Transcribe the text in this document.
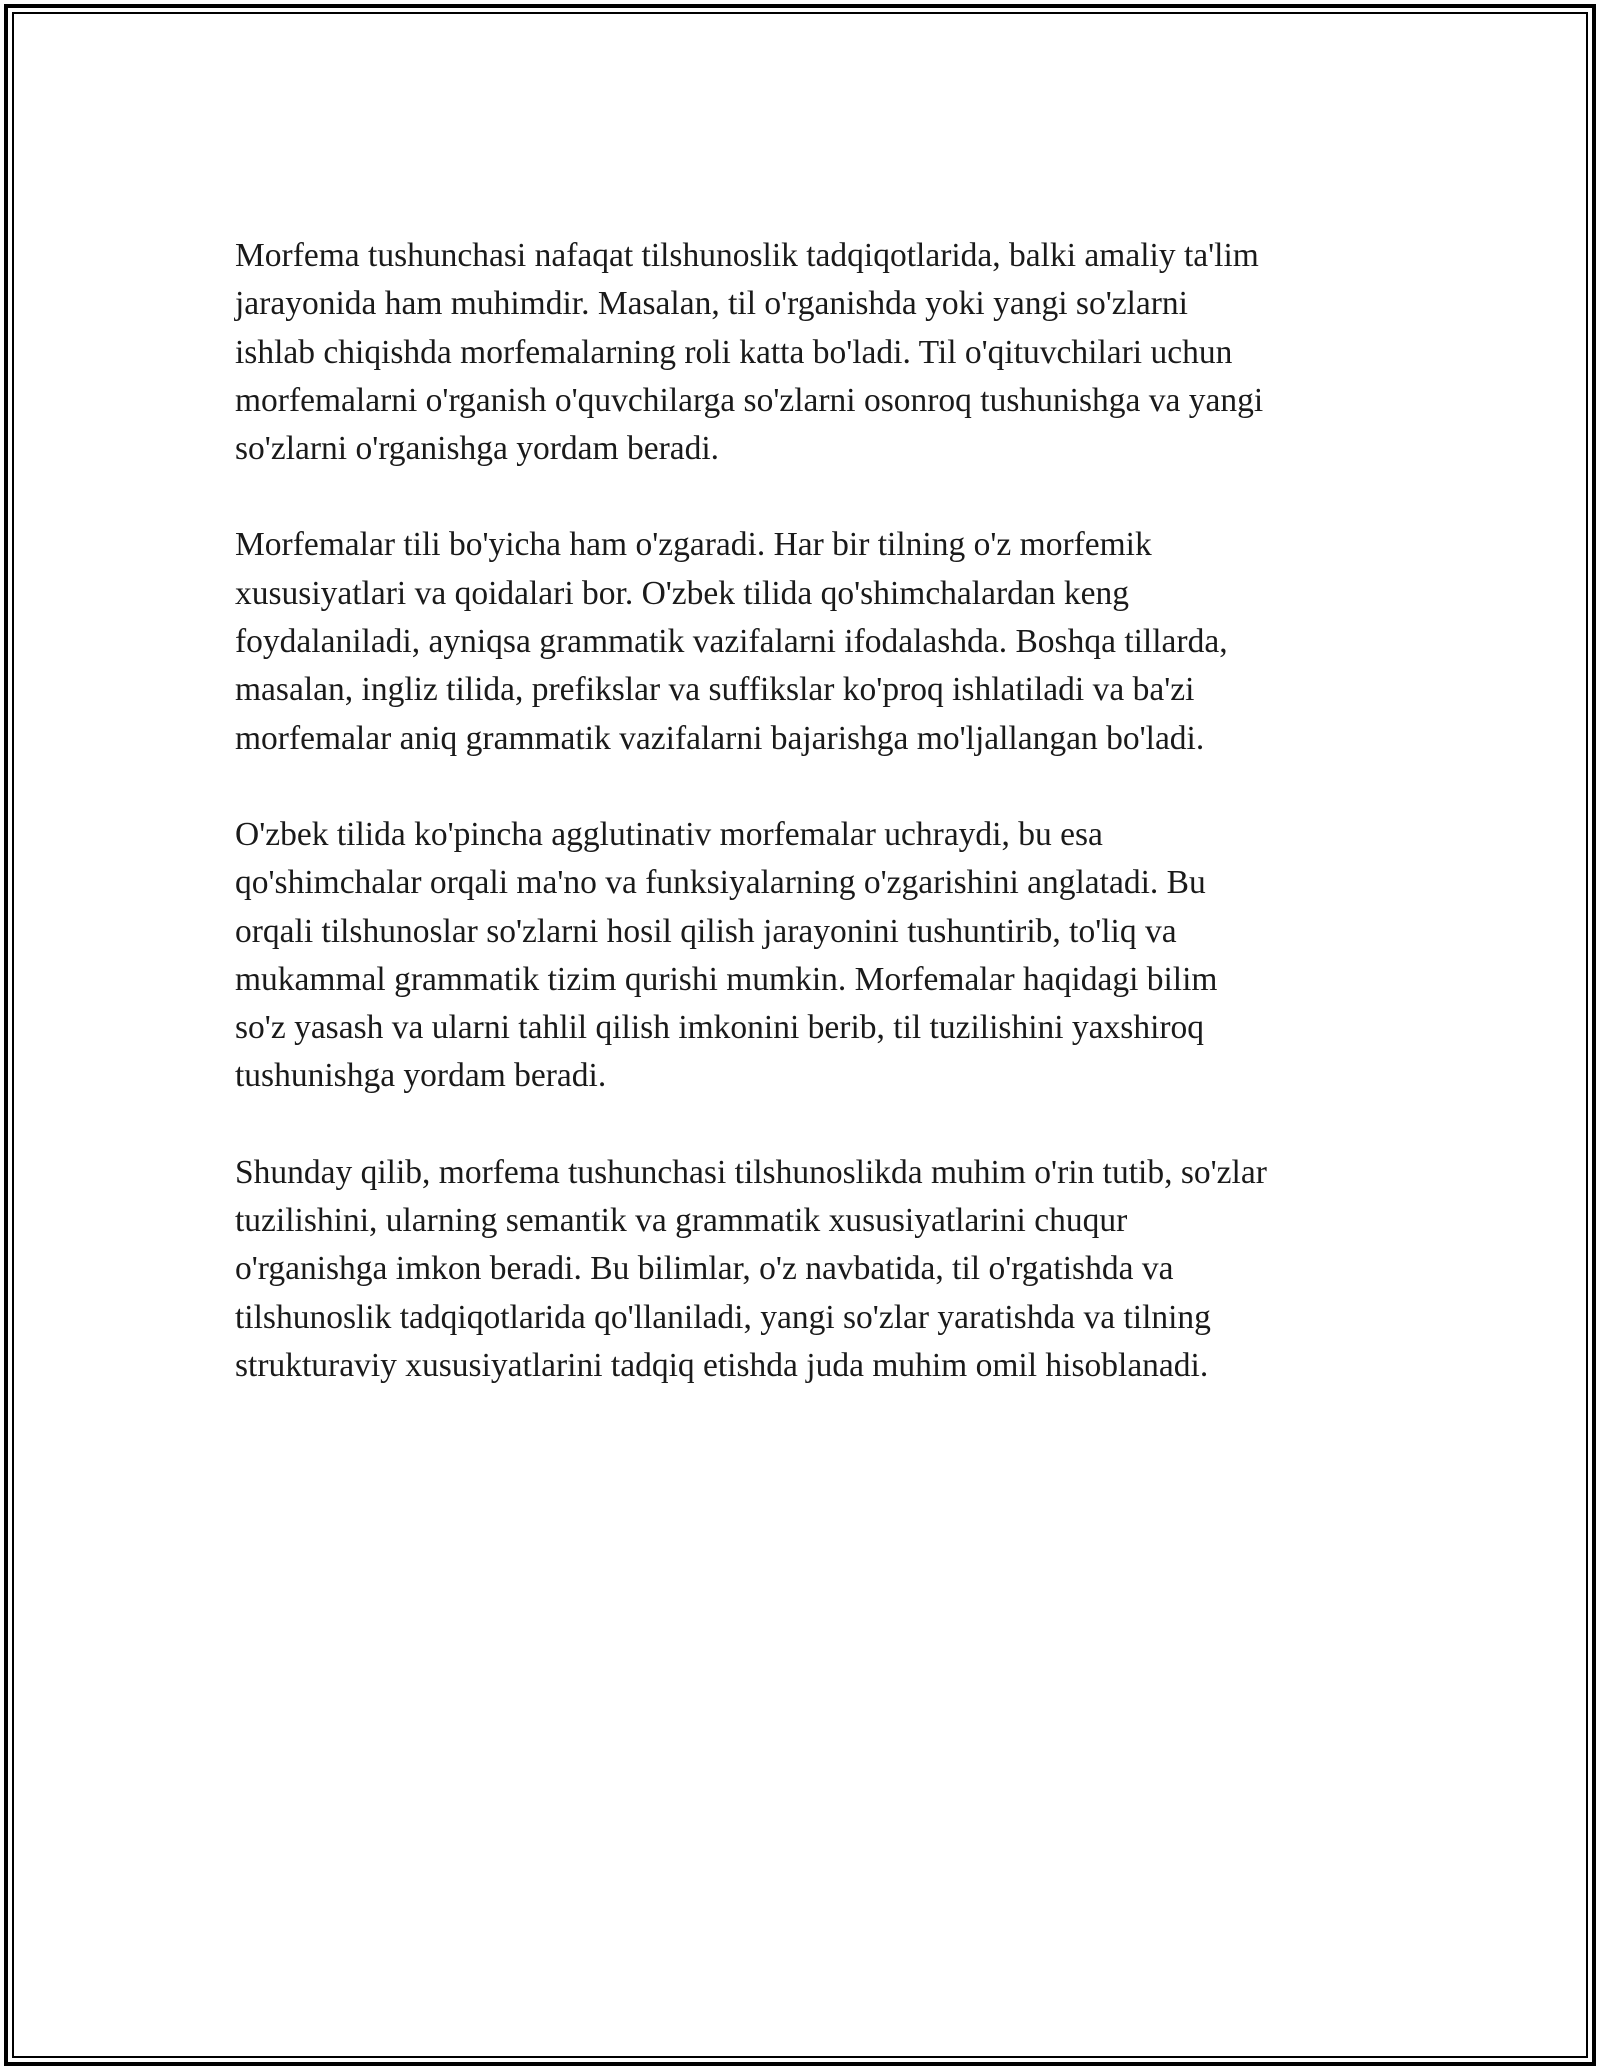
Morfema tushunchasi nafaqat tilshunoslik tadqiqotlarida, balki amaliy ta'lim
jarayonida ham muhimdir. Masalan, til o'rganishda yoki yangi so'zlarni
ishlab chiqishda morfemalarning roli katta bo'ladi. Til o'qituvchilari uchun
morfemalarni o'rganish o'quvchilarga so'zlarni osonroq tushunishga va yangi
so'zlarni o'rganishga yordam beradi.

Morfemalar tili bo'yicha ham o'zgaradi. Har bir tilning o'z morfemik
xususiyatlari va qoidalari bor. O'zbek tilida qo'shimchalardan keng
foydalaniladi, ayniqsa grammatik vazifalarni ifodalashda. Boshqa tillarda,
masalan, ingliz tilida, prefikslar va suffikslar ko'proq ishlatiladi va ba'zi
morfemalar aniq grammatik vazifalarni bajarishga mo'ljallangan bo'ladi.

O'zbek tilida ko'pincha agglutinativ morfemalar uchraydi, bu esa
qo'shimchalar orqali ma'no va funksiyalarning o'zgarishini anglatadi. Bu
orqali tilshunoslar so'zlarni hosil qilish jarayonini tushuntirib, to'liq va
mukammal grammatik tizim qurishi mumkin. Morfemalar haqidagi bilim
so'z yasash va ularni tahlil qilish imkonini berib, til tuzilishini yaxshiroq
tushunishga yordam beradi.

Shunday qilib, morfema tushunchasi tilshunoslikda muhim o'rin tutib, so'zlar
tuzilishini, ularning semantik va grammatik xususiyatlarini chuqur
o'rganishga imkon beradi. Bu bilimlar, o'z navbatida, til o'rgatishda va
tilshunoslik tadqiqotlarida qo'llaniladi, yangi so'zlar yaratishda va tilning
strukturaviy xususiyatlarini tadqiq etishda juda muhim omil hisoblanadi.
